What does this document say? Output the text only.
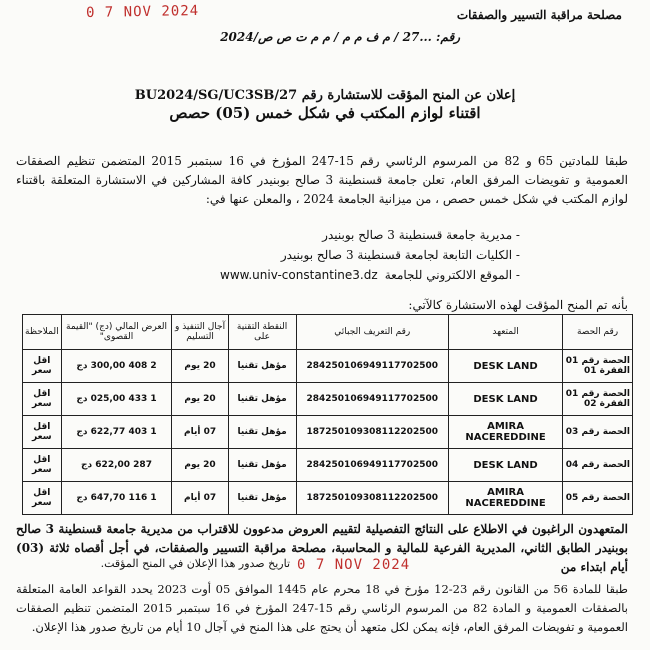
0 7 NOV 2024	مصلحة مراقبة التسيير والصفقات
رقم: ...27 / م ف م م / م م ت ص ص/2024
إعلان عن المنح المؤقت للاستشارة رقم BU2024/SG/UC3SB/27
اقتناء لوازم المكتب في شكل خمس (05) حصص
طبقا للمادتين 65 و 82 من المرسوم الرئاسي رقم 15-247 المؤرخ في 16 سبتمبر 2015 المتضمن تنظيم الصفقات العمومية و تفويضات المرفق العام، تعلن جامعة قسنطينة 3 صالح بوبنيدر كافة المشاركين في الاستشارة المتعلقة باقتناء لوازم المكتب في شكل خمس حصص ، من ميزانية الجامعة 2024 ، والمعلن عنها في:
- مديرية جامعة قسنطينة 3 صالح بوبنيدر
- الكليات التابعة لجامعة قسنطينة 3 صالح بوبنيدر
- الموقع الالكتروني للجامعة
www.univ-constantine3.dz
بأنه تم المنح المؤقت لهذه الاستشارة كالآتي:
رقم الحصة	المتعهد	رقم التعريف الجبائي	النقطة التقنية على	آجال التنفيذ و التسليم	العرض المالي (دج) "القيمة القصوى"	الملاحظة
الحصة رقم 01 الفقرة 01	DESK LAND	284250106949117702500	مؤهل تقنيا	20 يوم	2 408 300,00 دج	اقل سعر
الحصة رقم 01 الفقرة 02	DESK LAND	284250106949117702500	مؤهل تقنيا	20 يوم	1 433 025,00 دج	اقل سعر
الحصة رقم 03	AMIRA NACEREDDINE	187250109308112202500	مؤهل تقنيا	07 أيام	1 403 622,77 دج	اقل سعر
الحصة رقم 04	DESK LAND	284250106949117702500	مؤهل تقنيا	20 يوم	287 622,00 دج	اقل سعر
الحصة رقم 05	AMIRA NACEREDDINE	187250109308112202500	مؤهل تقنيا	07 أيام	1 116 647,70 دج	اقل سعر
المتعهدون الراغبون في الاطلاع على النتائج التفصيلية لتقييم العروض مدعوون للاقتراب من مديرية جامعة قسنطينة 3 صالح بوبنيدر الطابق الثاني، المديرية الفرعية للمالية و المحاسبة، مصلحة مراقبة التسيير والصفقات، في أجل أقصاه ثلاثة (03) أيام ابتداء من
0 7 NOV 2024
تاريخ صدور هذا الإعلان في المنح المؤقت.
طبقا للمادة 56 من القانون رقم 23-12 مؤرخ في 18 محرم عام 1445 الموافق 05 أوت 2023 يحدد القواعد العامة المتعلقة بالصفقات العمومية و المادة 82 من المرسوم الرئاسي رقم 15-247 المؤرخ في 16 سبتمبر 2015 المتضمن تنظيم الصفقات العمومية و تفويضات المرفق العام، فإنه يمكن لكل متعهد أن يحتج على هذا المنح في آجال 10 أيام من تاريخ صدور هذا الإعلان.
